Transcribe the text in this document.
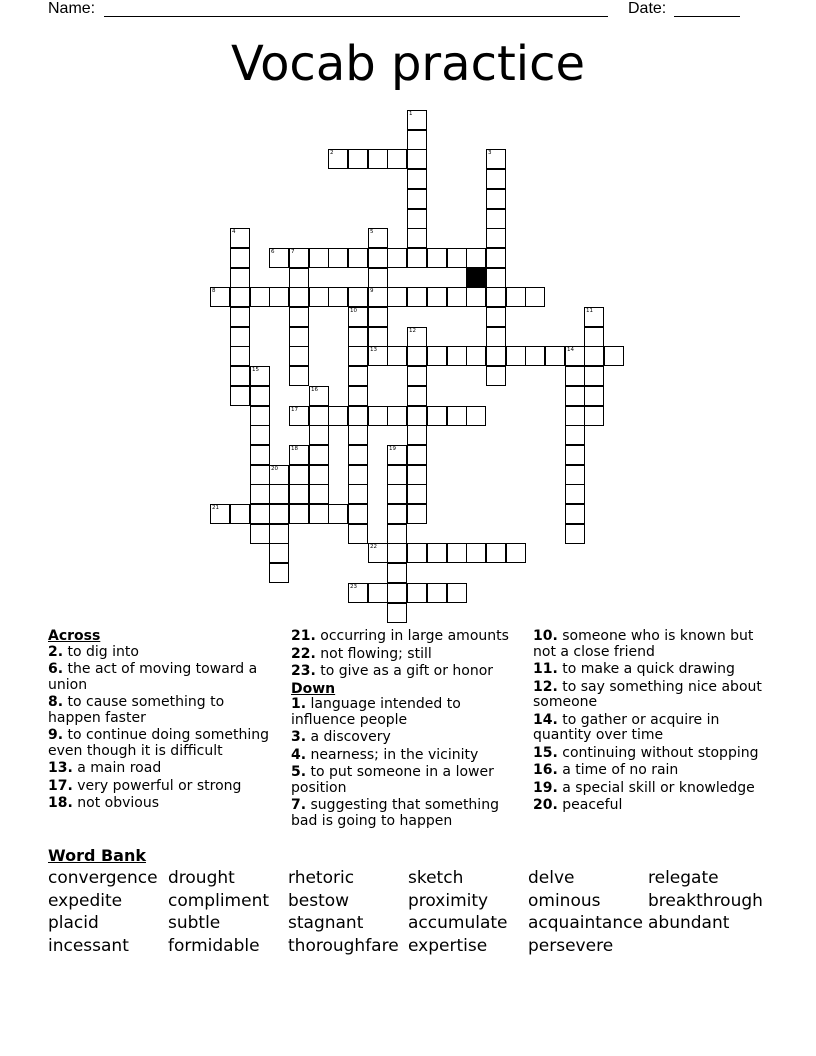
Name:	Date:
Vocab practice
1
2	3
4	5
9
13
6	7
8
10	11
12
14
15
16
17
18	19
20
21
22
23
Across
2. to dig into
6. the act of moving toward a union
8. to cause something to happen faster
9. to continue doing something even though it is difficult
13. a main road
17. very powerful or strong
18. not obvious
21. occurring in large amounts
22. not flowing; still
23. to give as a gift or honor
Down
1. language intended to influence people
3. a discovery
4. nearness; in the vicinity
5. to put someone in a lower position
7. suggesting that something bad is going to happen
10. someone who is known but not a close friend
11. to make a quick drawing
12. to say something nice about someone
14. to gather or acquire in quantity over time
15. continuing without stopping
16. a time of no rain
19. a special skill or knowledge
20. peaceful
Word Bank
convergence
expedite
placid
incessant
drought
compliment
subtle
formidable
rhetoric
bestow
stagnant
thoroughfare
sketch
proximity
accumulate
expertise
delve
ominous
acquaintance
persevere
relegate
breakthrough
abundant
